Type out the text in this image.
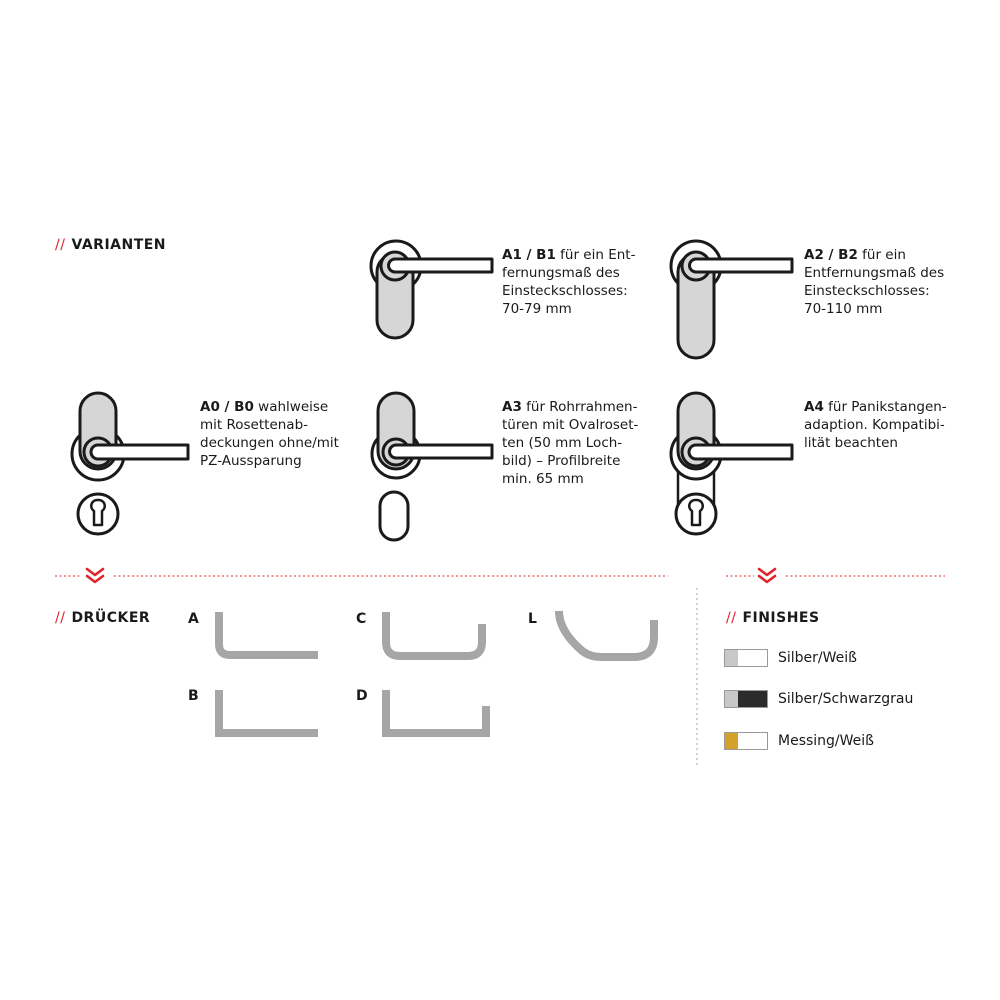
// VARIANTEN
A1 / B1 für ein Ent-
fernungsmaß des
Einsteckschlosses:
70-79 mm
A2 / B2 für ein
Entfernungsmaß des
Einsteckschlosses:
70-110 mm
A0 / B0 wahlweise
mit Rosettenab-
deckungen ohne/mit
PZ-Aussparung
A3 für Rohrrahmen-
türen mit Ovalroset-
ten (50 mm Loch-
bild) – Profilbreite
min. 65 mm
A4 für Panikstangen-
adaption. Kompatibi-
lität beachten
// DRÜCKER	A
B
C
D
L	// FINISHES
Silber/Weiß
Silber/Schwarzgrau
Messing/Weiß
